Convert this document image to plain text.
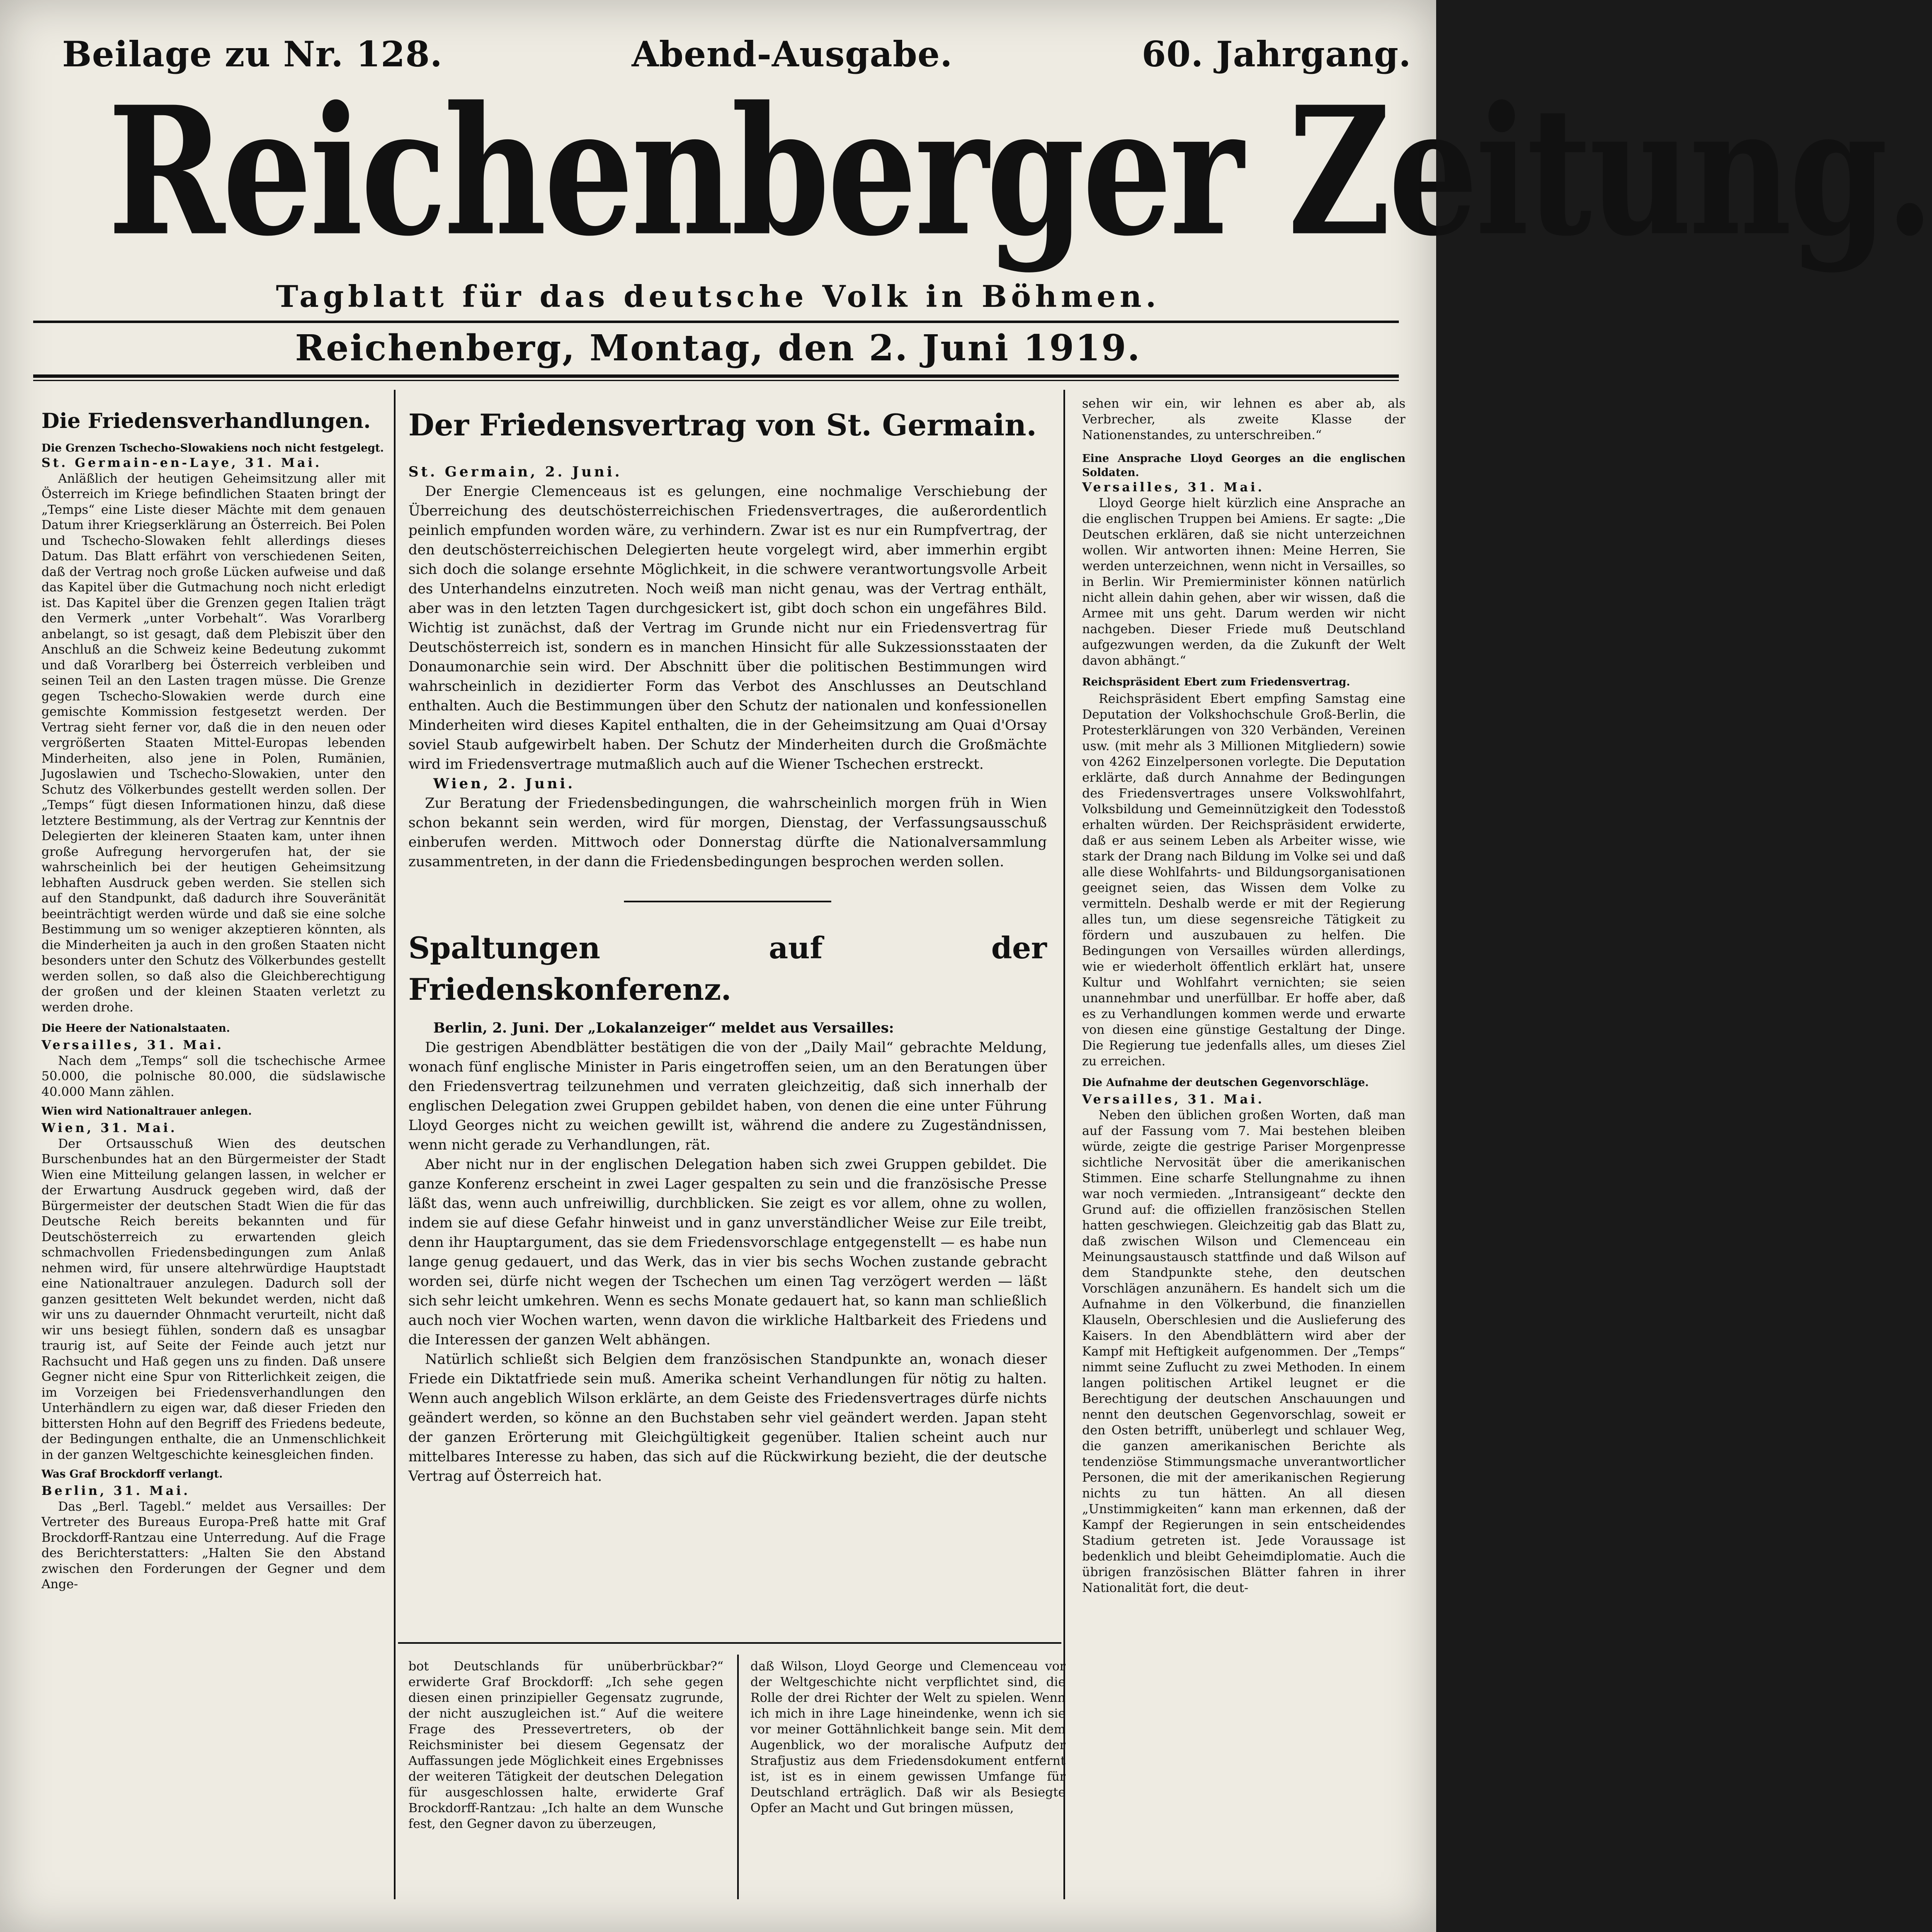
Beilage zu Nr. 128.	Abend-Ausgabe.	60. Jahrgang.
Reichenberger Zeitung.
Tagblatt für das deutsche Volk in Böhmen.
Reichenberg, Montag, den 2. Juni 1919.

Die Friedensverhandlungen.

Die Grenzen Tschecho-Slowakiens noch nicht festgelegt.

St. Germain-en-Laye, 31. Mai.

Anläßlich der heutigen Geheimsitzung aller mit Österreich im Kriege befindlichen Staaten bringt der „Temps“ eine Liste dieser Mächte mit dem genauen Datum ihrer Kriegserklärung an Österreich. Bei Polen und Tschecho-Slowaken fehlt allerdings dieses Datum. Das Blatt erfährt von verschiedenen Seiten, daß der Vertrag noch große Lücken aufweise und daß das Kapitel über die Gutmachung noch nicht erledigt ist. Das Kapitel über die Grenzen gegen Italien trägt den Vermerk „unter Vorbehalt“. Was Vorarlberg anbelangt, so ist gesagt, daß dem Plebiszit über den Anschluß an die Schweiz keine Bedeutung zukommt und daß Vorarlberg bei Österreich verbleiben und seinen Teil an den Lasten tragen müsse. Die Grenze gegen Tschecho-Slowakien werde durch eine gemischte Kommission festgesetzt werden. Der Vertrag sieht ferner vor, daß die in den neuen oder vergrößerten Staaten Mittel-Europas lebenden Minderheiten, also jene in Polen, Rumänien, Jugoslawien und Tschecho-Slowakien, unter den Schutz des Völkerbundes gestellt werden sollen. Der „Temps“ fügt diesen Informationen hinzu, daß diese letztere Bestimmung, als der Vertrag zur Kenntnis der Delegierten der kleineren Staaten kam, unter ihnen große Aufregung hervorgerufen hat, der sie wahrscheinlich bei der heutigen Geheimsitzung lebhaften Ausdruck geben werden. Sie stellen sich auf den Standpunkt, daß dadurch ihre Souveränität beeinträchtigt werden würde und daß sie eine solche Bestimmung um so weniger akzeptieren könnten, als die Minderheiten ja auch in den großen Staaten nicht besonders unter den Schutz des Völkerbundes gestellt werden sollen, so daß also die Gleichberechtigung der großen und der kleinen Staaten verletzt zu werden drohe.

Die Heere der Nationalstaaten.

Versailles, 31. Mai.

Nach dem „Temps“ soll die tschechische Armee 50.000, die polnische 80.000, die südslawische 40.000 Mann zählen.

Wien wird Nationaltrauer anlegen.

Wien, 31. Mai.

Der Ortsausschuß Wien des deutschen Burschenbundes hat an den Bürgermeister der Stadt Wien eine Mitteilung gelangen lassen, in welcher er der Erwartung Ausdruck gegeben wird, daß der Bürgermeister der deutschen Stadt Wien die für das Deutsche Reich bereits bekannten und für Deutschösterreich zu erwartenden gleich schmachvollen Friedensbedingungen zum Anlaß nehmen wird, für unsere altehrwürdige Hauptstadt eine Nationaltrauer anzulegen. Dadurch soll der ganzen gesitteten Welt bekundet werden, nicht daß wir uns zu dauernder Ohnmacht verurteilt, nicht daß wir uns besiegt fühlen, sondern daß es unsagbar traurig ist, auf Seite der Feinde auch jetzt nur Rachsucht und Haß gegen uns zu finden. Daß unsere Gegner nicht eine Spur von Ritterlichkeit zeigen, die im Vorzeigen bei Friedensverhandlungen den Unterhändlern zu eigen war, daß dieser Frieden den bittersten Hohn auf den Begriff des Friedens bedeute, der Bedingungen enthalte, die an Unmenschlichkeit in der ganzen Weltgeschichte keinesgleichen finden.

Was Graf Brockdorff verlangt.

Berlin, 31. Mai.

Das „Berl. Tagebl.“ meldet aus Versailles: Der Vertreter des Bureaus Europa-Preß hatte mit Graf Brockdorff-Rantzau eine Unterredung. Auf die Frage des Berichterstatters: „Halten Sie den Abstand zwischen den Forderungen der Gegner und dem Ange-

Der Friedensvertrag von St. Germain.

St. Germain, 2. Juni.

Der Energie Clemenceaus ist es gelungen, eine nochmalige Verschiebung der Überreichung des deutschösterreichischen Friedensvertrages, die außerordentlich peinlich empfunden worden wäre, zu verhindern. Zwar ist es nur ein Rumpfvertrag, der den deutschösterreichischen Delegierten heute vorgelegt wird, aber immerhin ergibt sich doch die solange ersehnte Möglichkeit, in die schwere verantwortungsvolle Arbeit des Unterhandelns einzutreten. Noch weiß man nicht genau, was der Vertrag enthält, aber was in den letzten Tagen durchgesickert ist, gibt doch schon ein ungefähres Bild. Wichtig ist zunächst, daß der Vertrag im Grunde nicht nur ein Friedensvertrag für Deutschösterreich ist, sondern es in manchen Hinsicht für alle Sukzessionsstaaten der Donaumonarchie sein wird. Der Abschnitt über die politischen Bestimmungen wird wahrscheinlich in dezidierter Form das Verbot des Anschlusses an Deutschland enthalten. Auch die Bestimmungen über den Schutz der nationalen und konfessionellen Minderheiten wird dieses Kapitel enthalten, die in der Geheimsitzung am Quai d'Orsay soviel Staub aufgewirbelt haben. Der Schutz der Minderheiten durch die Großmächte wird im Friedensvertrage mutmaßlich auch auf die Wiener Tschechen erstreckt.

Wien, 2. Juni.

Zur Beratung der Friedensbedingungen, die wahrscheinlich morgen früh in Wien schon bekannt sein werden, wird für morgen, Dienstag, der Verfassungsausschuß einberufen werden. Mittwoch oder Donnerstag dürfte die Nationalversammlung zusammentreten, in der dann die Friedensbedingungen besprochen werden sollen.

Spaltungen auf der Friedenskonferenz.

Berlin, 2. Juni. Der „Lokalanzeiger“ meldet aus Versailles:

Die gestrigen Abendblätter bestätigen die von der „Daily Mail“ gebrachte Meldung, wonach fünf englische Minister in Paris eingetroffen seien, um an den Beratungen über den Friedensvertrag teilzunehmen und verraten gleichzeitig, daß sich innerhalb der englischen Delegation zwei Gruppen gebildet haben, von denen die eine unter Führung Lloyd Georges nicht zu weichen gewillt ist, während die andere zu Zugeständnissen, wenn nicht gerade zu Verhandlungen, rät.

Aber nicht nur in der englischen Delegation haben sich zwei Gruppen gebildet. Die ganze Konferenz erscheint in zwei Lager gespalten zu sein und die französische Presse läßt das, wenn auch unfreiwillig, durchblicken. Sie zeigt es vor allem, ohne zu wollen, indem sie auf diese Gefahr hinweist und in ganz unverständlicher Weise zur Eile treibt, denn ihr Hauptargument, das sie dem Friedensvorschlage entgegenstellt — es habe nun lange genug gedauert, und das Werk, das in vier bis sechs Wochen zustande gebracht worden sei, dürfe nicht wegen der Tschechen um einen Tag verzögert werden — läßt sich sehr leicht umkehren. Wenn es sechs Monate gedauert hat, so kann man schließlich auch noch vier Wochen warten, wenn davon die wirkliche Haltbarkeit des Friedens und die Interessen der ganzen Welt abhängen.

Natürlich schließt sich Belgien dem französischen Standpunkte an, wonach dieser Friede ein Diktatfriede sein muß. Amerika scheint Verhandlungen für nötig zu halten. Wenn auch angeblich Wilson erklärte, an dem Geiste des Friedensvertrages dürfe nichts geändert werden, so könne an den Buchstaben sehr viel geändert werden. Japan steht der ganzen Erörterung mit Gleichgültigkeit gegenüber. Italien scheint auch nur mittelbares Interesse zu haben, das sich auf die Rückwirkung bezieht, die der deutsche Vertrag auf Österreich hat.

bot Deutschlands für unüberbrückbar?“ erwiderte Graf Brockdorff: „Ich sehe gegen diesen einen prinzipieller Gegensatz zugrunde, der nicht auszugleichen ist.“ Auf die weitere Frage des Pressevertreters, ob der Reichsminister bei diesem Gegensatz der Auffassungen jede Möglichkeit eines Ergebnisses der weiteren Tätigkeit der deutschen Delegation für ausgeschlossen halte, erwiderte Graf Brockdorff-Rantzau: „Ich halte an dem Wunsche fest, den Gegner davon zu überzeugen,

daß Wilson, Lloyd George und Clemenceau vor der Weltgeschichte nicht verpflichtet sind, die Rolle der drei Richter der Welt zu spielen. Wenn ich mich in ihre Lage hineindenke, wenn ich sie vor meiner Gottähnlichkeit bange sein. Mit dem Augenblick, wo der moralische Aufputz der Strafjustiz aus dem Friedensdokument entfernt ist, ist es in einem gewissen Umfange für Deutschland erträglich. Daß wir als Besiegte Opfer an Macht und Gut bringen müssen,

sehen wir ein, wir lehnen es aber ab, als Verbrecher, als zweite Klasse der Nationenstandes, zu unterschreiben.“

Eine Ansprache Lloyd Georges an die englischen Soldaten.

Versailles, 31. Mai.

Lloyd George hielt kürzlich eine Ansprache an die englischen Truppen bei Amiens. Er sagte: „Die Deutschen erklären, daß sie nicht unterzeichnen wollen. Wir antworten ihnen: Meine Herren, Sie werden unterzeichnen, wenn nicht in Versailles, so in Berlin. Wir Premierminister können natürlich nicht allein dahin gehen, aber wir wissen, daß die Armee mit uns geht. Darum werden wir nicht nachgeben. Dieser Friede muß Deutschland aufgezwungen werden, da die Zukunft der Welt davon abhängt.“

Reichspräsident Ebert zum Friedensvertrag.

Reichspräsident Ebert empfing Samstag eine Deputation der Volkshochschule Groß-Berlin, die Protesterklärungen von 320 Verbänden, Vereinen usw. (mit mehr als 3 Millionen Mitgliedern) sowie von 4262 Einzelpersonen vorlegte. Die Deputation erklärte, daß durch Annahme der Bedingungen des Friedensvertrages unsere Volkswohlfahrt, Volksbildung und Gemeinnützigkeit den Todesstoß erhalten würden. Der Reichspräsident erwiderte, daß er aus seinem Leben als Arbeiter wisse, wie stark der Drang nach Bildung im Volke sei und daß alle diese Wohlfahrts- und Bildungsorganisationen geeignet seien, das Wissen dem Volke zu vermitteln. Deshalb werde er mit der Regierung alles tun, um diese segensreiche Tätigkeit zu fördern und auszubauen zu helfen. Die Bedingungen von Versailles würden allerdings, wie er wiederholt öffentlich erklärt hat, unsere Kultur und Wohlfahrt vernichten; sie seien unannehmbar und unerfüllbar. Er hoffe aber, daß es zu Verhandlungen kommen werde und erwarte von diesen eine günstige Gestaltung der Dinge. Die Regierung tue jedenfalls alles, um dieses Ziel zu erreichen.

Die Aufnahme der deutschen Gegenvorschläge.

Versailles, 31. Mai.

Neben den üblichen großen Worten, daß man auf der Fassung vom 7. Mai bestehen bleiben würde, zeigte die gestrige Pariser Morgenpresse sichtliche Nervosität über die amerikanischen Stimmen. Eine scharfe Stellungnahme zu ihnen war noch vermieden. „Intransigeant“ deckte den Grund auf: die offiziellen französischen Stellen hatten geschwiegen. Gleichzeitig gab das Blatt zu, daß zwischen Wilson und Clemenceau ein Meinungsaustausch stattfinde und daß Wilson auf dem Standpunkte stehe, den deutschen Vorschlägen anzunähern. Es handelt sich um die Aufnahme in den Völkerbund, die finanziellen Klauseln, Oberschlesien und die Auslieferung des Kaisers. In den Abendblättern wird aber der Kampf mit Heftigkeit aufgenommen. Der „Temps“ nimmt seine Zuflucht zu zwei Methoden. In einem langen politischen Artikel leugnet er die Berechtigung der deutschen Anschauungen und nennt den deutschen Gegenvorschlag, soweit er den Osten betrifft, unüberlegt und schlauer Weg, die ganzen amerikanischen Berichte als tendenziöse Stimmungsmache unverantwortlicher Personen, die mit der amerikanischen Regierung nichts zu tun hätten. An all diesen „Unstimmigkeiten“ kann man erkennen, daß der Kampf der Regierungen in sein entscheidendes Stadium getreten ist. Jede Voraussage ist bedenklich und bleibt Geheimdiplomatie. Auch die übrigen französischen Blätter fahren in ihrer Nationalität fort, die deut-
